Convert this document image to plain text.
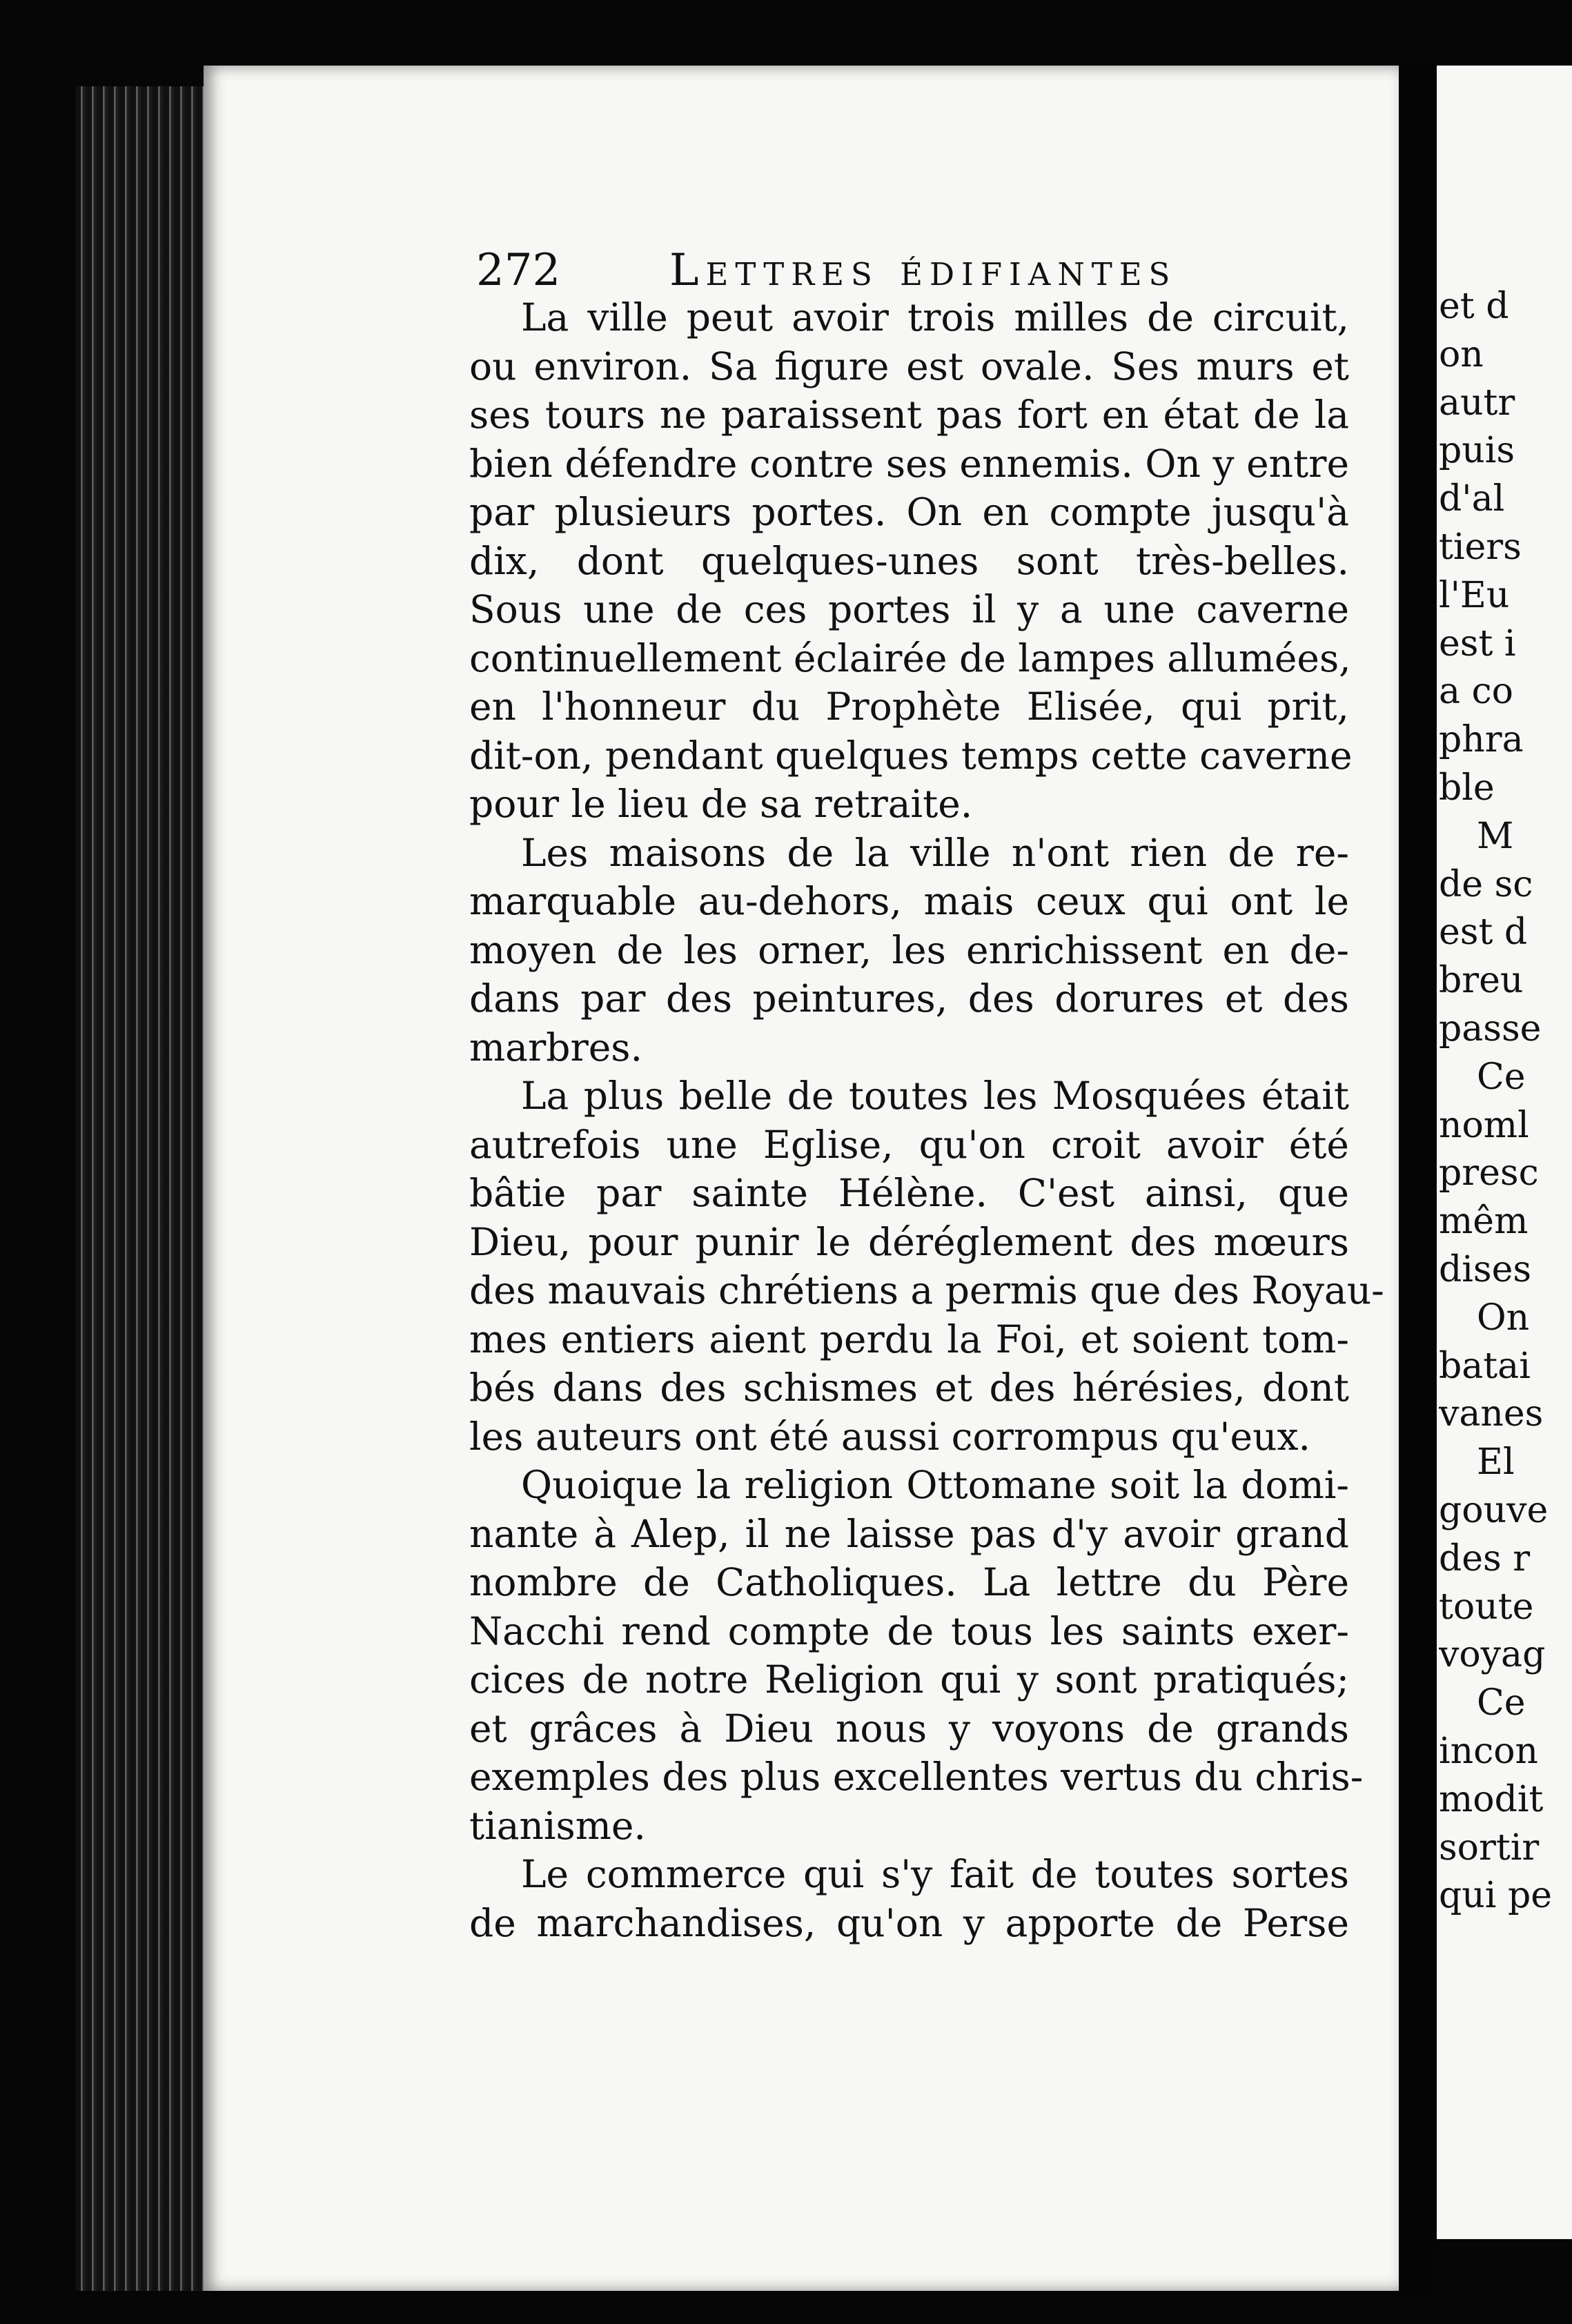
272 Lettres édifiantes

La ville peut avoir trois milles de circuit,
ou environ. Sa figure est ovale. Ses murs et
ses tours ne paraissent pas fort en état de la
bien défendre contre ses ennemis. On y entre
par plusieurs portes. On en compte jusqu'à
dix, dont quelques-unes sont très-belles.
Sous une de ces portes il y a une caverne
continuellement éclairée de lampes allumées,
en l'honneur du Prophète Elisée, qui prit,
dit-on, pendant quelques temps cette caverne
pour le lieu de sa retraite.

Les maisons de la ville n'ont rien de re-
marquable au-dehors, mais ceux qui ont le
moyen de les orner, les enrichissent en de-
dans par des peintures, des dorures et des
marbres.

La plus belle de toutes les Mosquées était
autrefois une Eglise, qu'on croit avoir été
bâtie par sainte Hélène. C'est ainsi, que
Dieu, pour punir le déréglement des mœurs
des mauvais chrétiens a permis que des Royau-
mes entiers aient perdu la Foi, et soient tom-
bés dans des schismes et des hérésies, dont
les auteurs ont été aussi corrompus qu'eux.

Quoique la religion Ottomane soit la domi-
nante à Alep, il ne laisse pas d'y avoir grand
nombre de Catholiques. La lettre du Père
Nacchi rend compte de tous les saints exer-
cices de notre Religion qui y sont pratiqués;
et grâces à Dieu nous y voyons de grands
exemples des plus excellentes vertus du chris-
tianisme.

Le commerce qui s'y fait de toutes sortes
de marchandises, qu'on y apporte de Perse

et d
on
autr
puis
d'al
tiers
l'Eu
est i
a co
phra
ble
M
de sc
est d
breu
passe
Ce
noml
presc
mêm
dises
On
batai
vanes
El
gouve
des r
toute
voyag
Ce
incon
modit
sortir
qui pe
